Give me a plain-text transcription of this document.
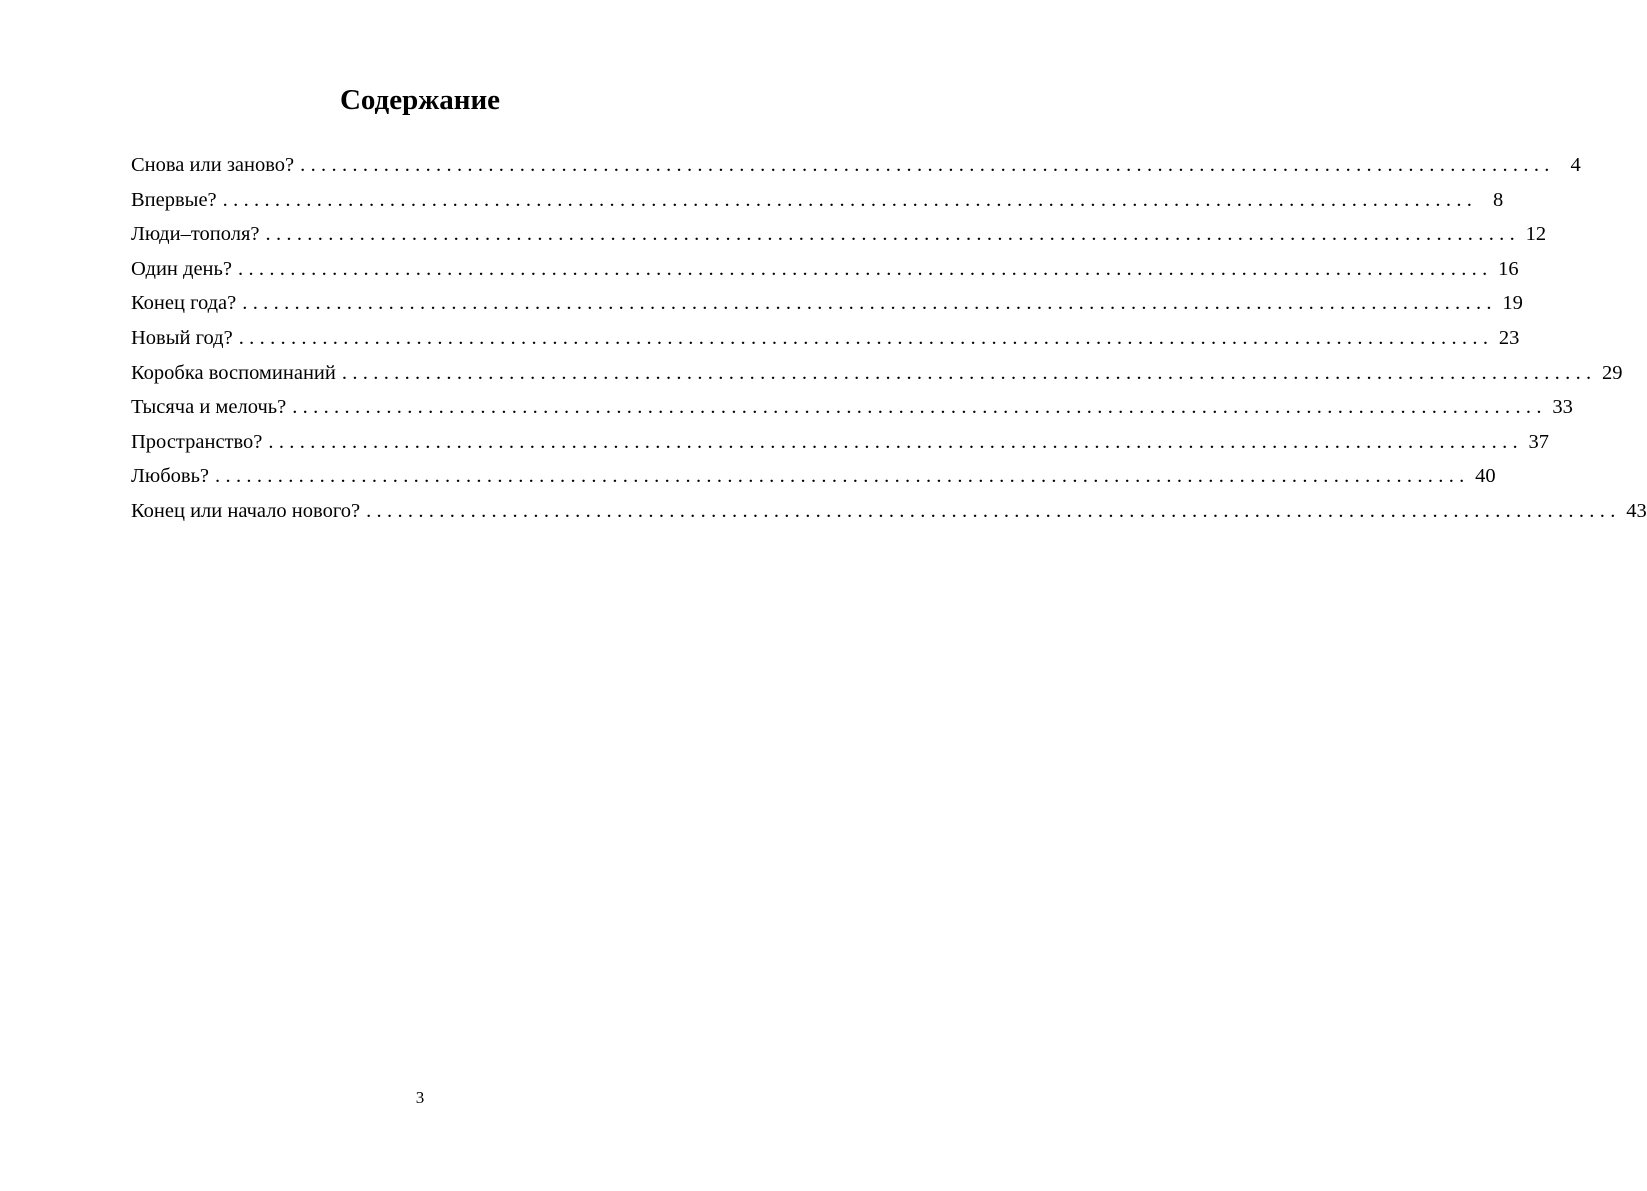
Содержание
Снова или заново? ........................................................................................................................ 4
Впервые? ........................................................................................................................ 8
Люди–тополя? ........................................................................................................................ 12
Один день? ........................................................................................................................ 16
Конец года? ........................................................................................................................ 19
Новый год? ........................................................................................................................ 23
Коробка воспоминаний ........................................................................................................................ 29
Тысяча и мелочь? ........................................................................................................................ 33
Пространство? ........................................................................................................................ 37
Любовь? ........................................................................................................................ 40
Конец или начало нового? ........................................................................................................................ 43
3
